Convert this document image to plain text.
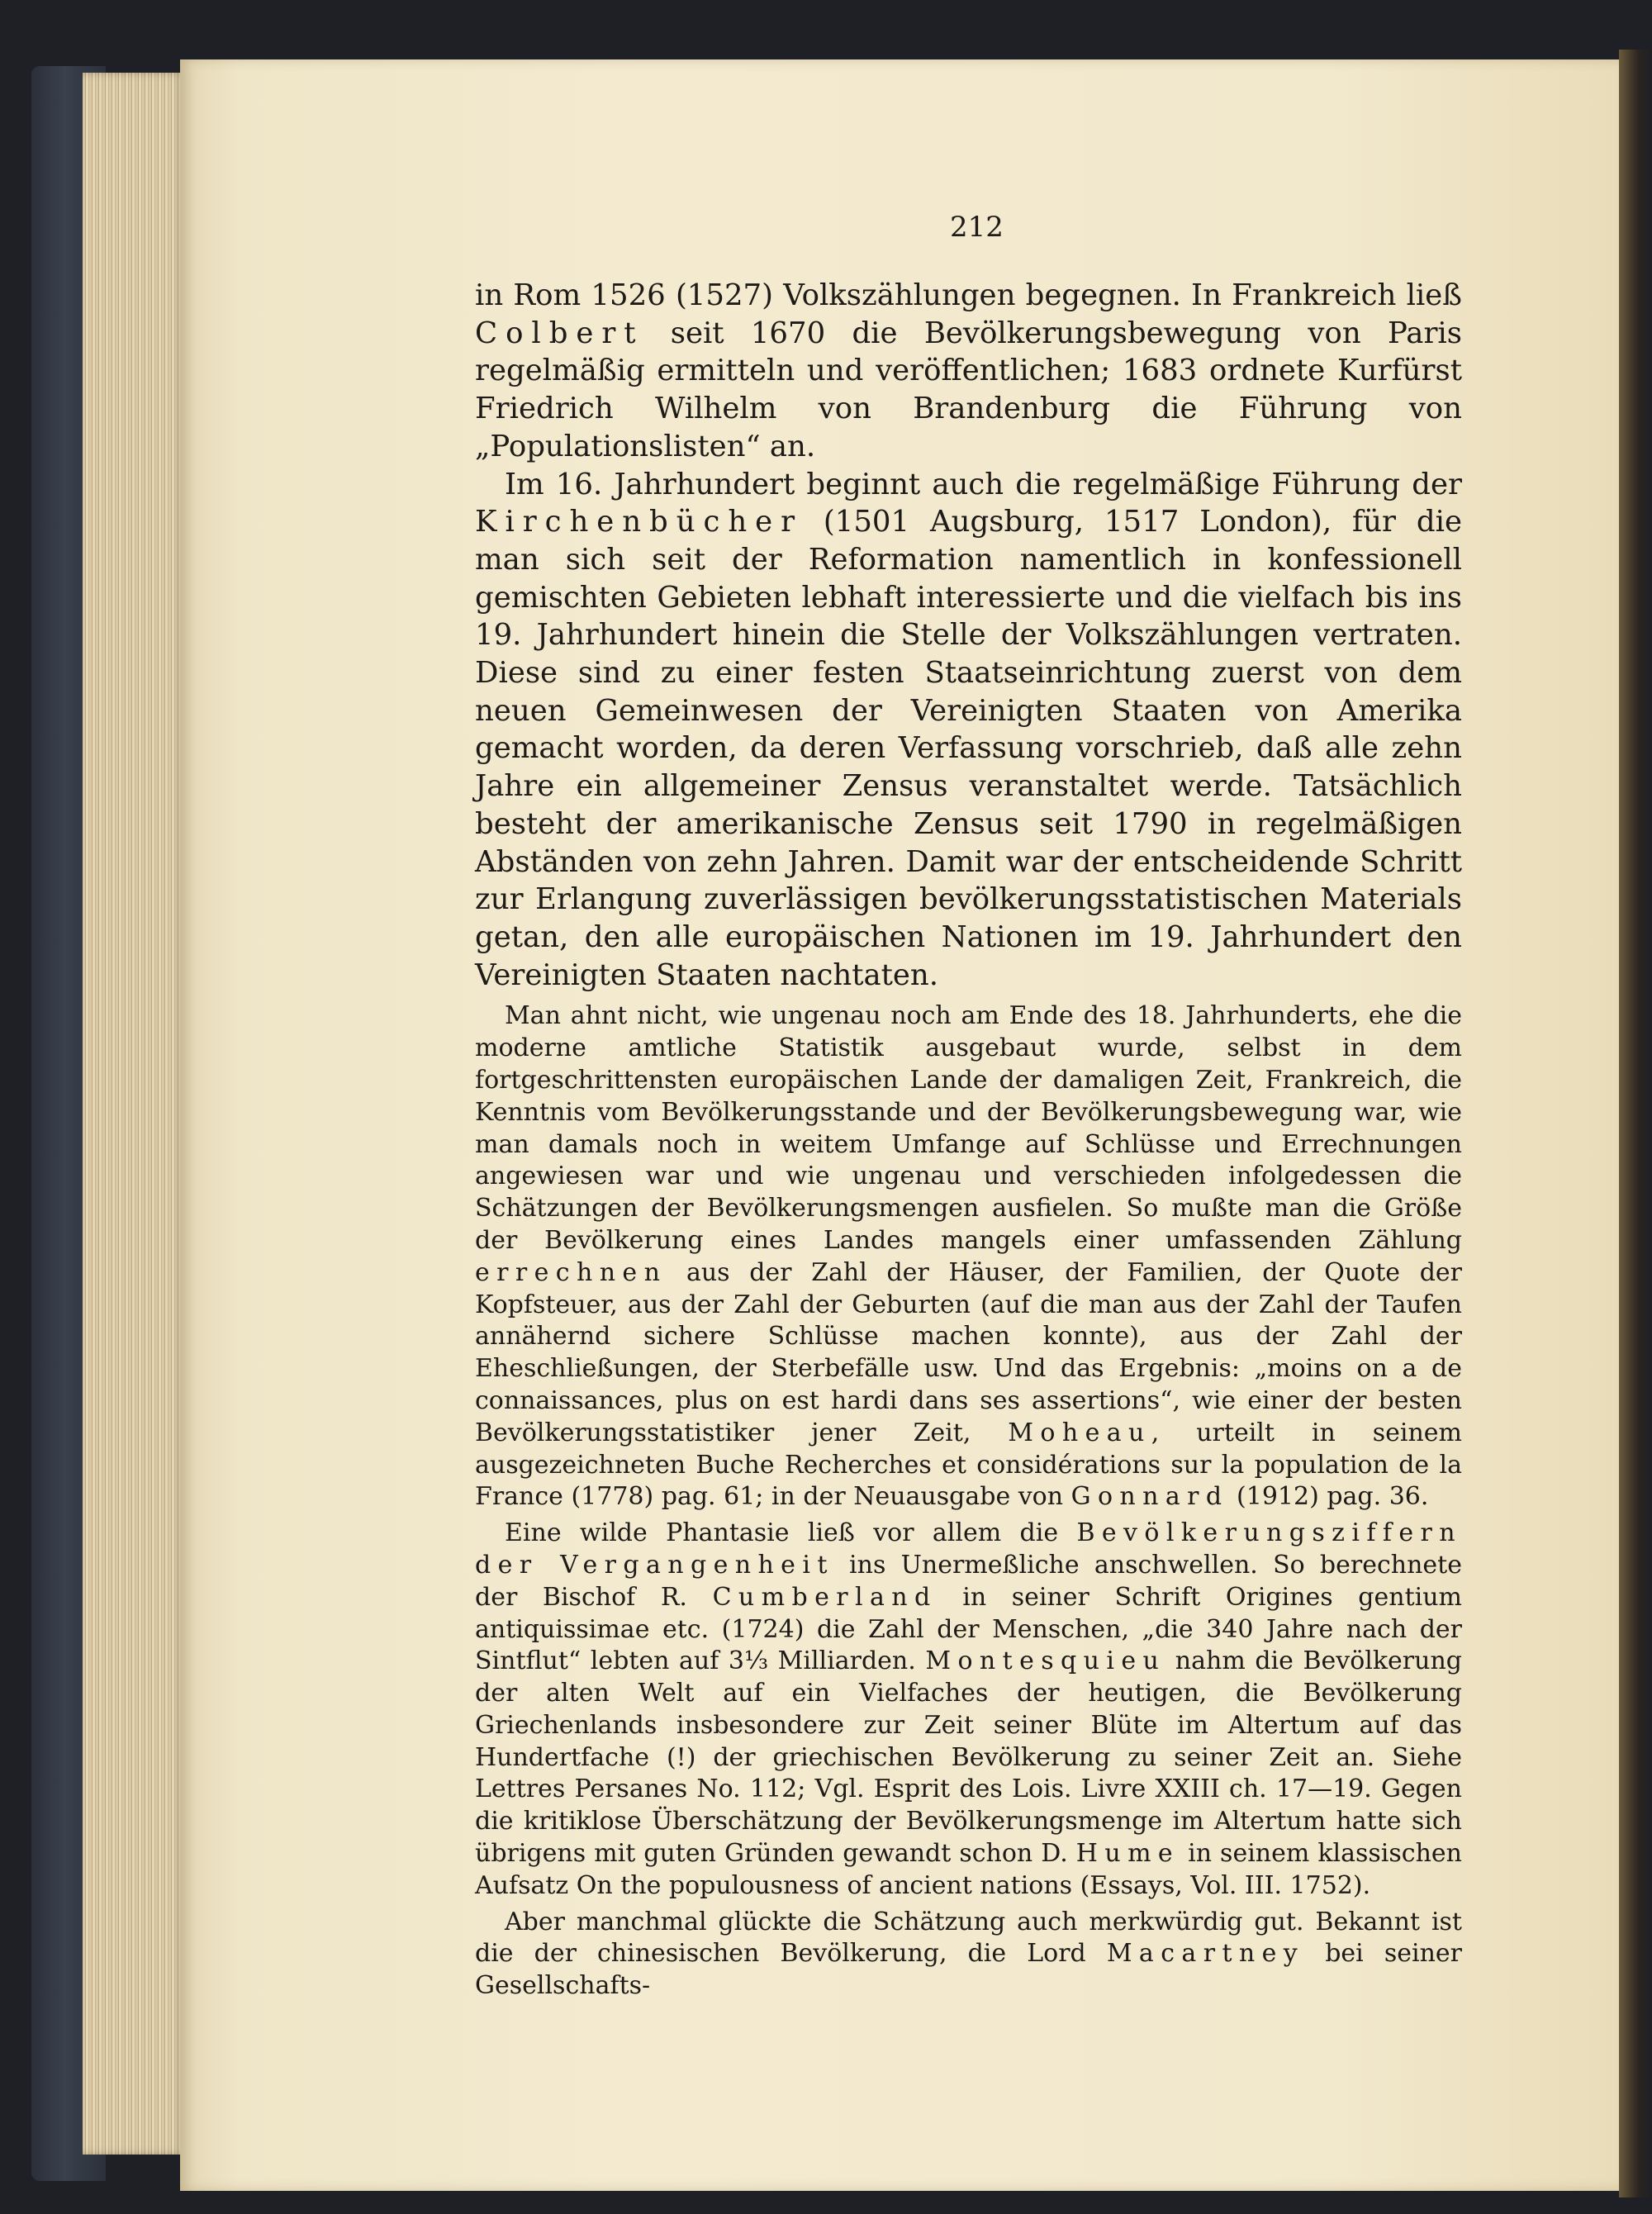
212

in Rom 1526 (1527) Volkszählungen begegnen. In Frankreich ließ Colbert seit 1670 die Bevölkerungsbewegung von Paris regelmäßig ermitteln und veröffentlichen; 1683 ordnete Kurfürst Friedrich Wilhelm von Brandenburg die Führung von „Populationslisten“ an.

Im 16. Jahrhundert beginnt auch die regelmäßige Führung der Kirchenbücher (1501 Augsburg, 1517 London), für die man sich seit der Reformation namentlich in konfessionell gemischten Gebieten lebhaft interessierte und die vielfach bis ins 19. Jahrhundert hinein die Stelle der Volkszählungen vertraten. Diese sind zu einer festen Staatseinrichtung zuerst von dem neuen Gemeinwesen der Vereinigten Staaten von Amerika gemacht worden, da deren Verfassung vorschrieb, daß alle zehn Jahre ein allgemeiner Zensus veranstaltet werde. Tatsächlich besteht der amerikanische Zensus seit 1790 in regelmäßigen Abständen von zehn Jahren. Damit war der entscheidende Schritt zur Erlangung zuverlässigen bevölkerungsstatistischen Materials getan, den alle europäischen Nationen im 19. Jahrhundert den Vereinigten Staaten nachtaten.

Man ahnt nicht, wie ungenau noch am Ende des 18. Jahrhunderts, ehe die moderne amtliche Statistik ausgebaut wurde, selbst in dem fortgeschrittensten europäischen Lande der damaligen Zeit, Frankreich, die Kenntnis vom Bevölkerungsstande und der Bevölkerungsbewegung war, wie man damals noch in weitem Umfange auf Schlüsse und Errechnungen angewiesen war und wie ungenau und verschieden infolgedessen die Schätzungen der Bevölkerungsmengen ausfielen. So mußte man die Größe der Bevölkerung eines Landes mangels einer umfassenden Zählung errechnen aus der Zahl der Häuser, der Familien, der Quote der Kopfsteuer, aus der Zahl der Geburten (auf die man aus der Zahl der Taufen annähernd sichere Schlüsse machen konnte), aus der Zahl der Eheschließungen, der Sterbefälle usw. Und das Ergebnis: „moins on a de connaissances, plus on est hardi dans ses assertions“, wie einer der besten Bevölkerungsstatistiker jener Zeit, Moheau, urteilt in seinem ausgezeichneten Buche Recherches et considérations sur la population de la France (1778) pag. 61; in der Neuausgabe von Gonnard (1912) pag. 36.

Eine wilde Phantasie ließ vor allem die Bevölkerungsziffern der Vergangenheit ins Unermeßliche anschwellen. So berechnete der Bischof R. Cumberland in seiner Schrift Origines gentium antiquissimae etc. (1724) die Zahl der Menschen, „die 340 Jahre nach der Sintflut“ lebten auf 3⅓ Milliarden. Montesquieu nahm die Bevölkerung der alten Welt auf ein Vielfaches der heutigen, die Bevölkerung Griechenlands insbesondere zur Zeit seiner Blüte im Altertum auf das Hundertfache (!) der griechischen Bevölkerung zu seiner Zeit an. Siehe Lettres Persanes No. 112; Vgl. Esprit des Lois. Livre XXIII ch. 17—19. Gegen die kritiklose Überschätzung der Bevölkerungsmenge im Altertum hatte sich übrigens mit guten Gründen gewandt schon D. Hume in seinem klassischen Aufsatz On the populousness of ancient nations (Essays, Vol. III. 1752).

Aber manchmal glückte die Schätzung auch merkwürdig gut. Bekannt ist die der chinesischen Bevölkerung, die Lord Macartney bei seiner Gesellschafts-
